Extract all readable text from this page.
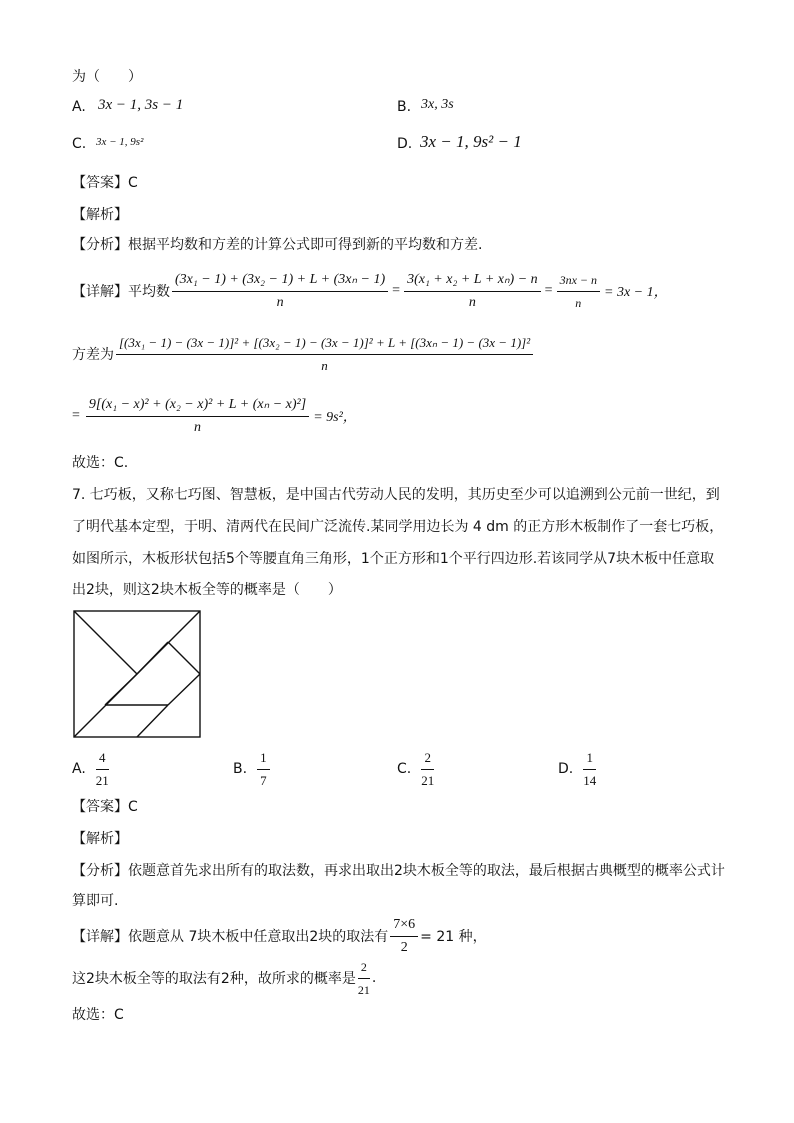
为（　　）
A. 3x − 1, 3s − 1	B. 3x, 3s
C. 3x − 1, 9s²	D. 3x − 1, 9s² − 1
【答案】C
【解析】
【分析】根据平均数和方差的计算公式即可得到新的平均数和方差.
【详解】平均数 $\frac{\text{(3x₁ − 1) + (3x₂ − 1) + L + (3xₙ − 1)}}{n} = \frac{\text{3(x₁ + x₂ + L + xₙ) − n}}{n} = \frac{3nx - n}{n} = 3x - 1$，
方差为
[(3x₁ − 1) − (3x − 1)]² + [(3x₂ − 1) − (3x − 1)]² + L + [(3xₙ − 1) − (3x − 1)]²
n
= $\frac{\text{9[(x₁ − x)² + (x₂ − x)² + L + (xₙ − x)²]}}{n} = 9s^2$，
故选：C.
7. 七巧板，又称七巧图、智慧板，是中国古代劳动人民的发明，其历史至少可以追溯到公元前一世纪，到
了明代基本定型，于明、清两代在民间广泛流传.某同学用边长为 4 dm 的正方形木板制作了一套七巧板，
如图所示，木板形状包括5个等腰直角三角形，1个正方形和1个平行四边形.若该同学从7块木板中任意取
出2块，则这2块木板全等的概率是（　　）
A. $\frac{4}{21}$	B. $\frac{1}{7}$	C. $\frac{2}{21}$	D. $\frac{1}{14}$
【答案】C
【解析】
【分析】依题意首先求出所有的取法数，再求出取出2块木板全等的取法，最后根据古典概型的概率公式计
算即可.
【详解】依题意从 7块木板中任意取出2块的取法有 $\frac{7\times 6}{2} = 21$ 种，
这2块木板全等的取法有2种，故所求的概率是 $\frac{2}{21}$ .
故选：C
